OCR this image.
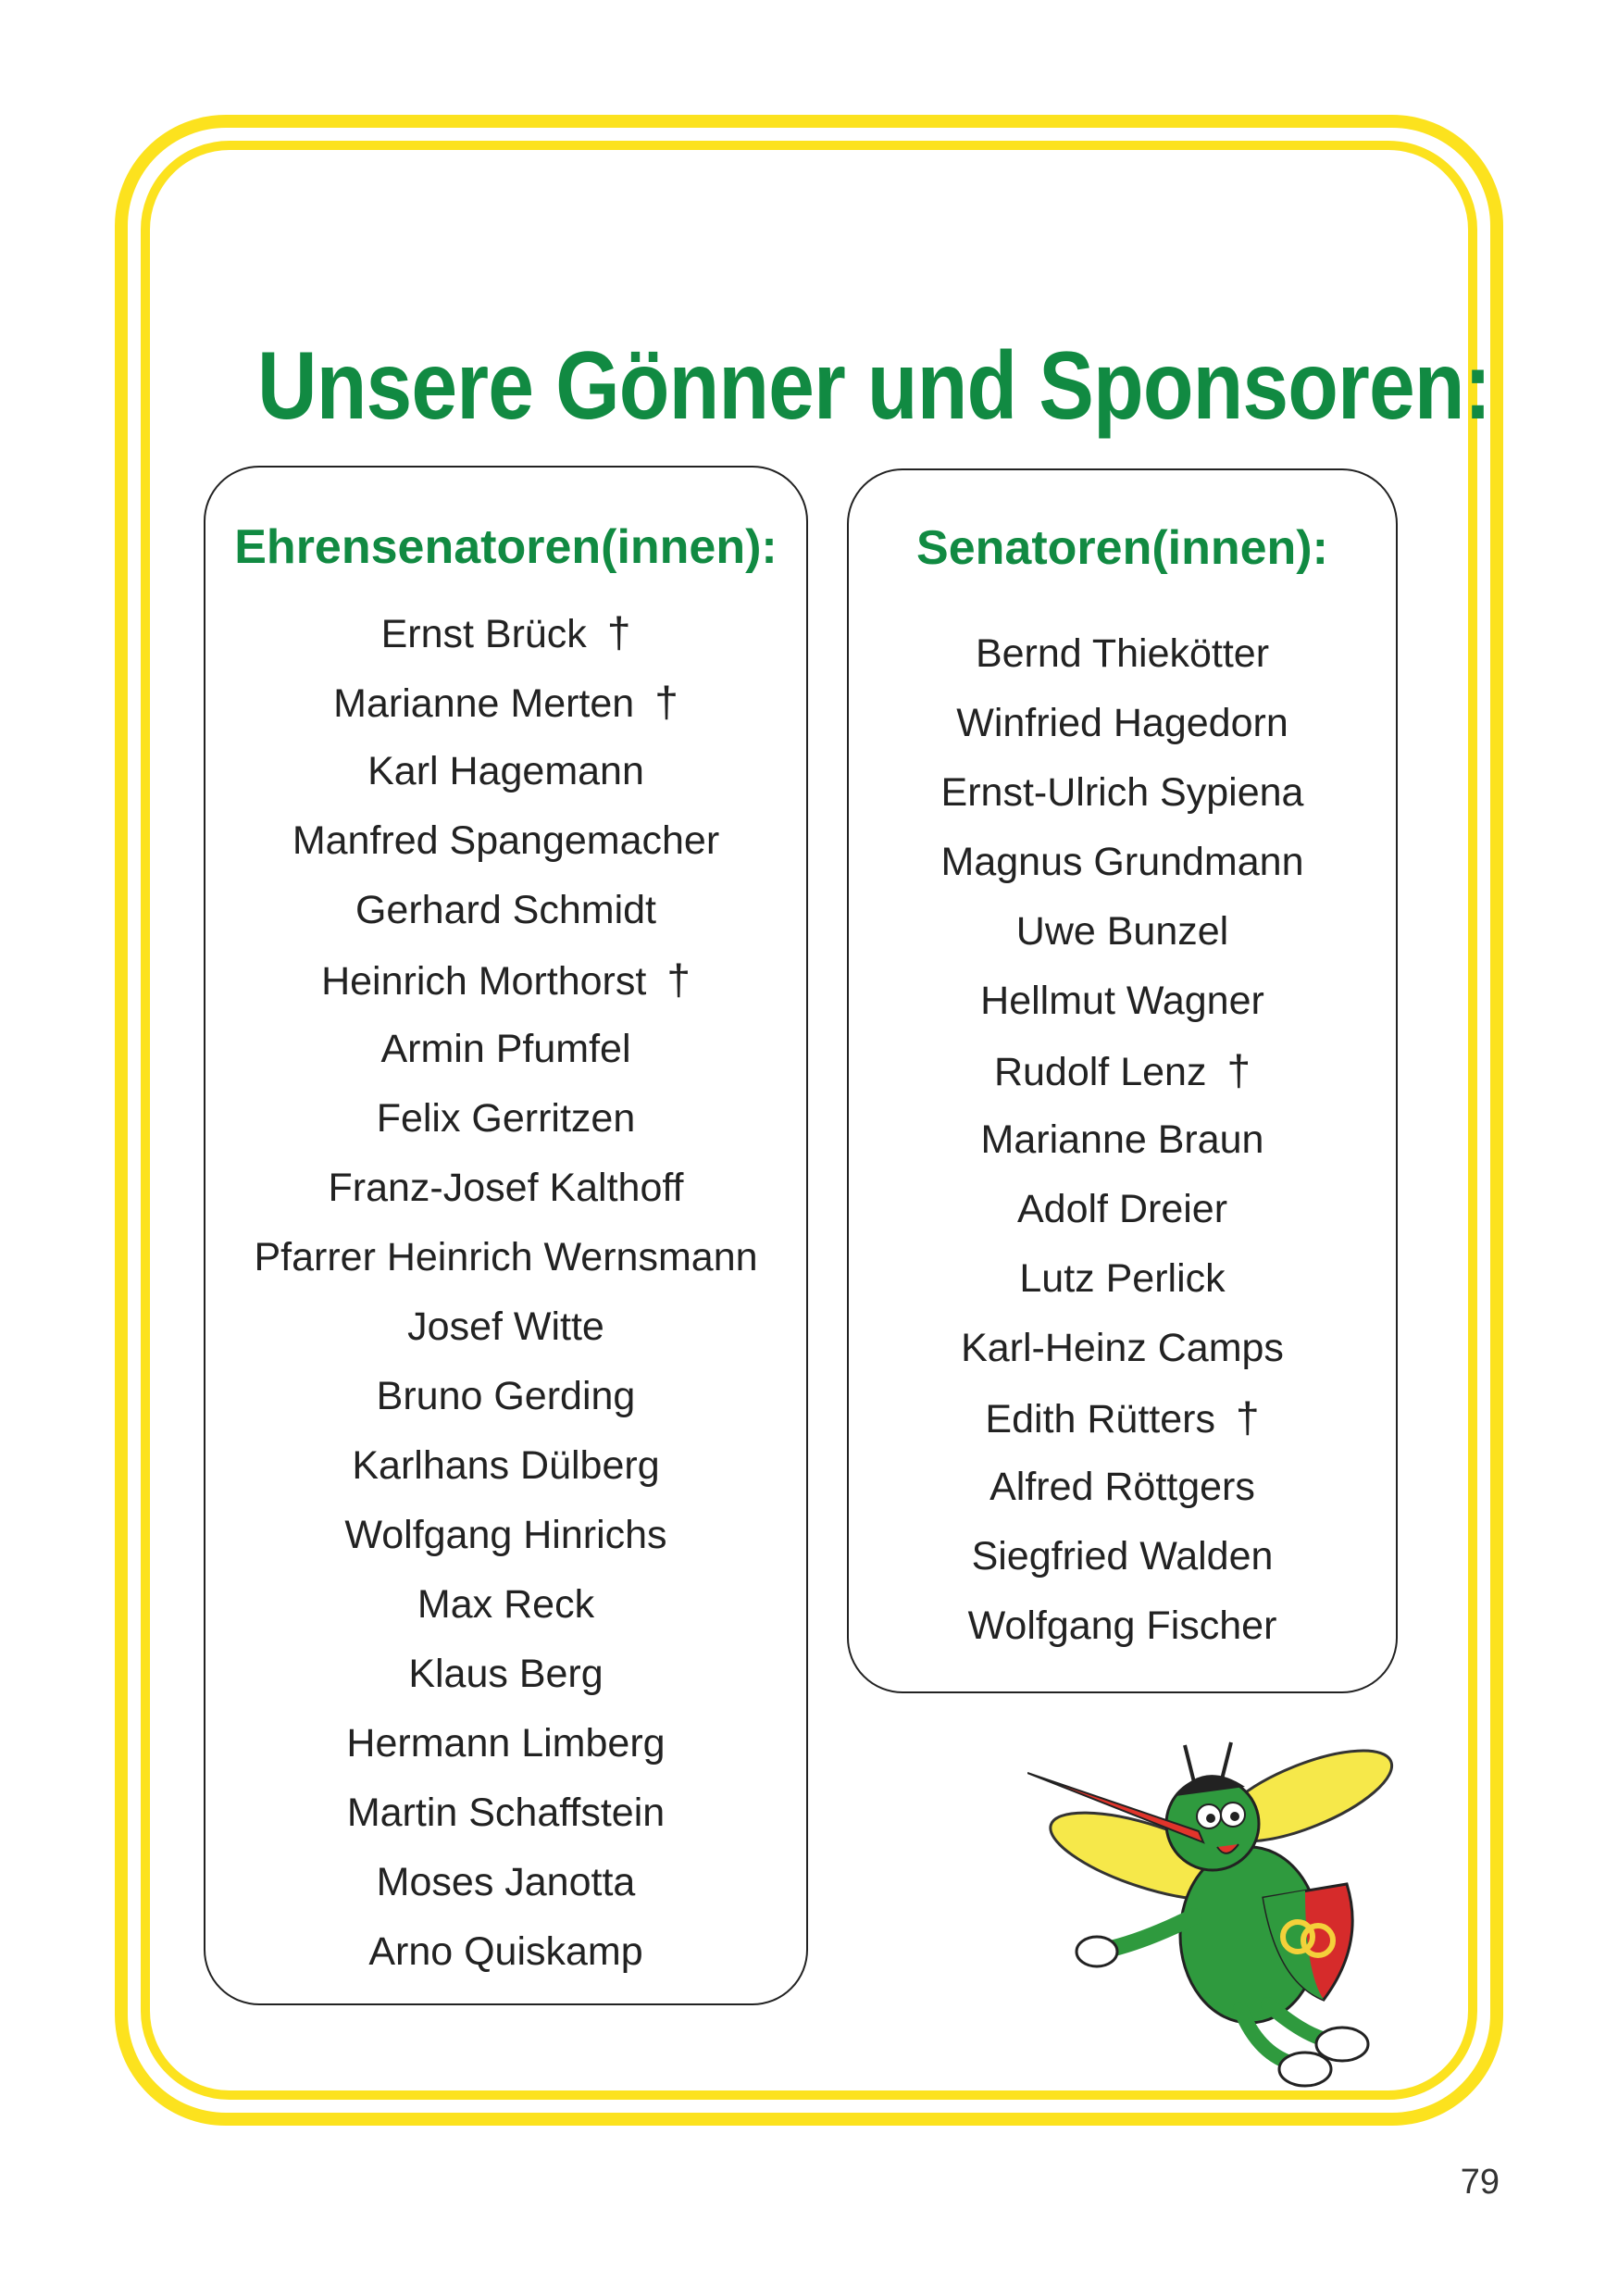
Unsere Gönner und Sponsoren:
Ehrensenatoren(innen):
Ernst Brück †
Marianne Merten †
Karl Hagemann
Manfred Spangemacher
Gerhard Schmidt
Heinrich Morthorst †
Armin Pfumfel
Felix Gerritzen
Franz-Josef Kalthoff
Pfarrer Heinrich Wernsmann
Josef Witte
Bruno Gerding
Karlhans Dülberg
Wolfgang Hinrichs
Max Reck
Klaus Berg
Hermann Limberg
Martin Schaffstein
Moses Janotta
Arno Quiskamp
Senatoren(innen):
Bernd Thiekötter
Winfried Hagedorn
Ernst-Ulrich Sypiena
Magnus Grundmann
Uwe Bunzel
Hellmut Wagner
Rudolf Lenz †
Marianne Braun
Adolf Dreier
Lutz Perlick
Karl-Heinz Camps
Edith Rütters †
Alfred Röttgers
Siegfried Walden
Wolfgang Fischer
79
